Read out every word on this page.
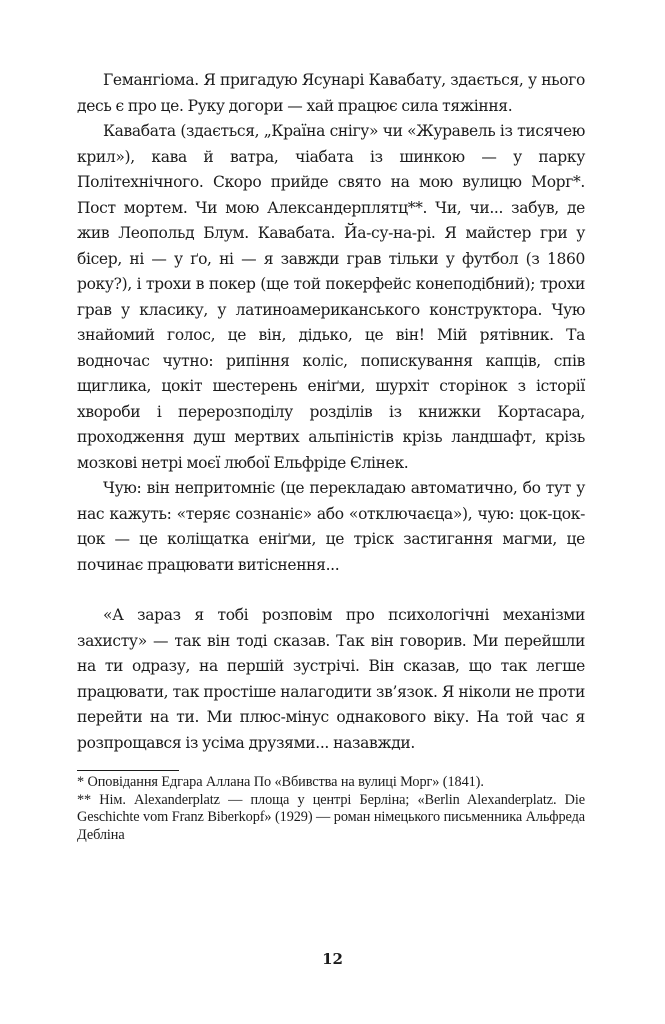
Гемангіома. Я пригадую Ясунарі Кавабату, здається, у нього десь є про це. Руку догори — хай працює сила тяжіння.

Кавабата (здається, „Країна снігу» чи «Журавель із тисячею крил»), кава й ватра, чіабата із шинкою — у парку Політехнічного. Скоро прийде свято на мою вулицю Морг*. Пост мортем. Чи мою Александерплятц**. Чи, чи... забув, де жив Леопольд Блум. Кавабата. Йа-су-на-рі. Я майстер гри у бісер, ні — у ґо, ні — я завжди грав тільки у футбол (з 1860 року?), і трохи в покер (ще той покерфейс конеподібний); трохи грав у класику, у латиноамериканського конструктора. Чую знайомий голос, це він, дідько, це він! Мій рятівник. Та водночас чутно: рипіння коліс, попискування капців, спів щиглика, цокіт шестерень еніґми, шурхіт сторінок з історії хвороби і перерозподілу розділів із книжки Кортасара, проходження душ мертвих альпіністів крізь ландшафт, крізь мозкові нетрі моєї любої Ельфріде Єлінек.

Чую: він непритомніє (це перекладаю автоматично, бо тут у нас кажуть: «теряє сознаніє» або «отключаєца»), чую: цок-цок-цок — це коліщатка еніґми, це тріск застигання магми, це починає працювати витіснення...

«А зараз я тобі розповім про психологічні механізми захисту» — так він тоді сказав. Так він говорив. Ми перейшли на ти одразу, на першій зустрічі. Він сказав, що так легше працювати, так простіше налагодити зв’язок. Я ніколи не проти перейти на ти. Ми плюс-мінус однакового віку. На той час я розпрощався із усіма друзями... назавжди.

* Оповідання Едгара Аллана По «Вбивства на вулиці Морг» (1841).

** Нім. Alexanderplatz — площа у центрі Берліна; «Berlin Alexanderplatz. Die Geschichte vom Franz Biberkopf» (1929) — роман німецького письменника Альфреда Дебліна

12
